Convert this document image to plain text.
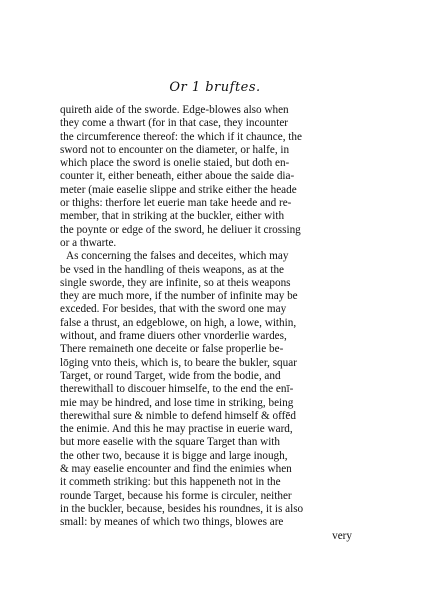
Or 1 bruftes.
quireth aide of the sworde. Edge-blowes also when
they come a thwart (for in that case, they incounter
the circumference thereof: the which if it chaunce, the
sword not to encounter on the diameter, or halfe, in
which place the sword is onelie staied, but doth en-
counter it, either beneath, either aboue the saide dia-
meter (maie easelie slippe and strike either the heade
or thighs: therfore let euerie man take heede and re-
member, that in striking at the buckler, either with
the poynte or edge of the sword, he deliuer it crossing
or a thwarte.
As concerning the falses and deceites, which may
be vsed in the handling of theis weapons, as at the
single sworde, they are infinite, so at theis weapons
they are much more, if the number of infinite may be
exceded. For besides, that with the sword one may
false a thrust, an edgeblowe, on high, a lowe, within,
without, and frame diuers other vnorderlie wardes,
There remaineth one deceite or false properlie be-
lōging vnto theis, which is, to beare the bukler, squar
Target, or round Target, wide from the bodie, and
therewithall to discouer himselfe, to the end the enī-
mie may be hindred, and lose time in striking, being
therewithal sure & nimble to defend himself & offēd
the enimie. And this he may practise in euerie ward,
but more easelie with the square Target than with
the other two, because it is bigge and large inough,
& may easelie encounter and find the enimies when
it commeth striking: but this happeneth not in the
rounde Target, because his forme is circuler, neither
in the buckler, because, besides his roundnes, it is also
small: by meanes of which two things, blowes are
very
